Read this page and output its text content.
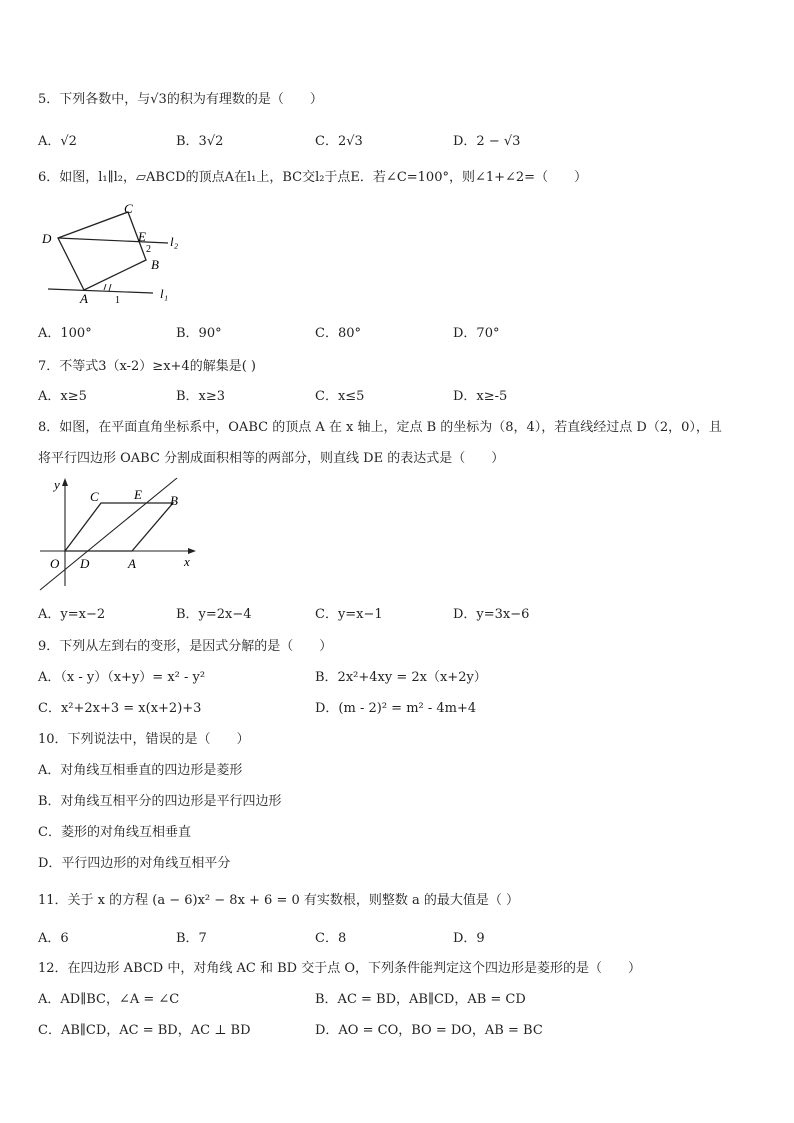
5．下列各数中，与√3的积为有理数的是（　　）
A．√2	B．3√2	C．2√3	D．2 − √3
6．如图，l₁∥l₂，▱ABCD的顶点A在l₁上，BC交l₂于点E．若∠C=100°，则∠1+∠2=（　　）
D
C
E
2
B
A	1
l₂
l₁
A．100°	B．90°	C．80°	D．70°
7．不等式3（x-2）≥x+4的解集是( )
A．x≥5	B．x≥3	C．x≤5	D．x≥-5
8．如图，在平面直角坐标系中，OABC 的顶点 A 在 x 轴上，定点 B 的坐标为（8，4），若直线经过点 D（2，0），且
将平行四边形 OABC 分割成面积相等的两部分，则直线 DE 的表达式是（　　）
y
C	E B
O D	A	x
A．y=x−2	B．y=2x−4	C．y=x−1	D．y=3x−6
9．下列从左到右的变形，是因式分解的是（　　）
A．（x - y）（x+y）= x² - y²	B．2x²+4xy = 2x（x+2y）
C．x²+2x+3 = x(x+2)+3	D．(m - 2)² = m² - 4m+4
10．下列说法中，错误的是（　　）
A．对角线互相垂直的四边形是菱形
B．对角线互相平分的四边形是平行四边形
C．菱形的对角线互相垂直
D．平行四边形的对角线互相平分
11．关于 x 的方程 (a − 6)x² − 8x + 6 = 0 有实数根，则整数 a 的最大值是（ ）
A．6	B．7	C．8	D．9
12．在四边形 ABCD 中，对角线 AC 和 BD 交于点 O，下列条件能判定这个四边形是菱形的是（　　）
A．AD∥BC，∠A = ∠C	B．AC = BD，AB∥CD，AB = CD
C．AB∥CD，AC = BD，AC ⊥ BD	D．AO = CO，BO = DO，AB = BC
